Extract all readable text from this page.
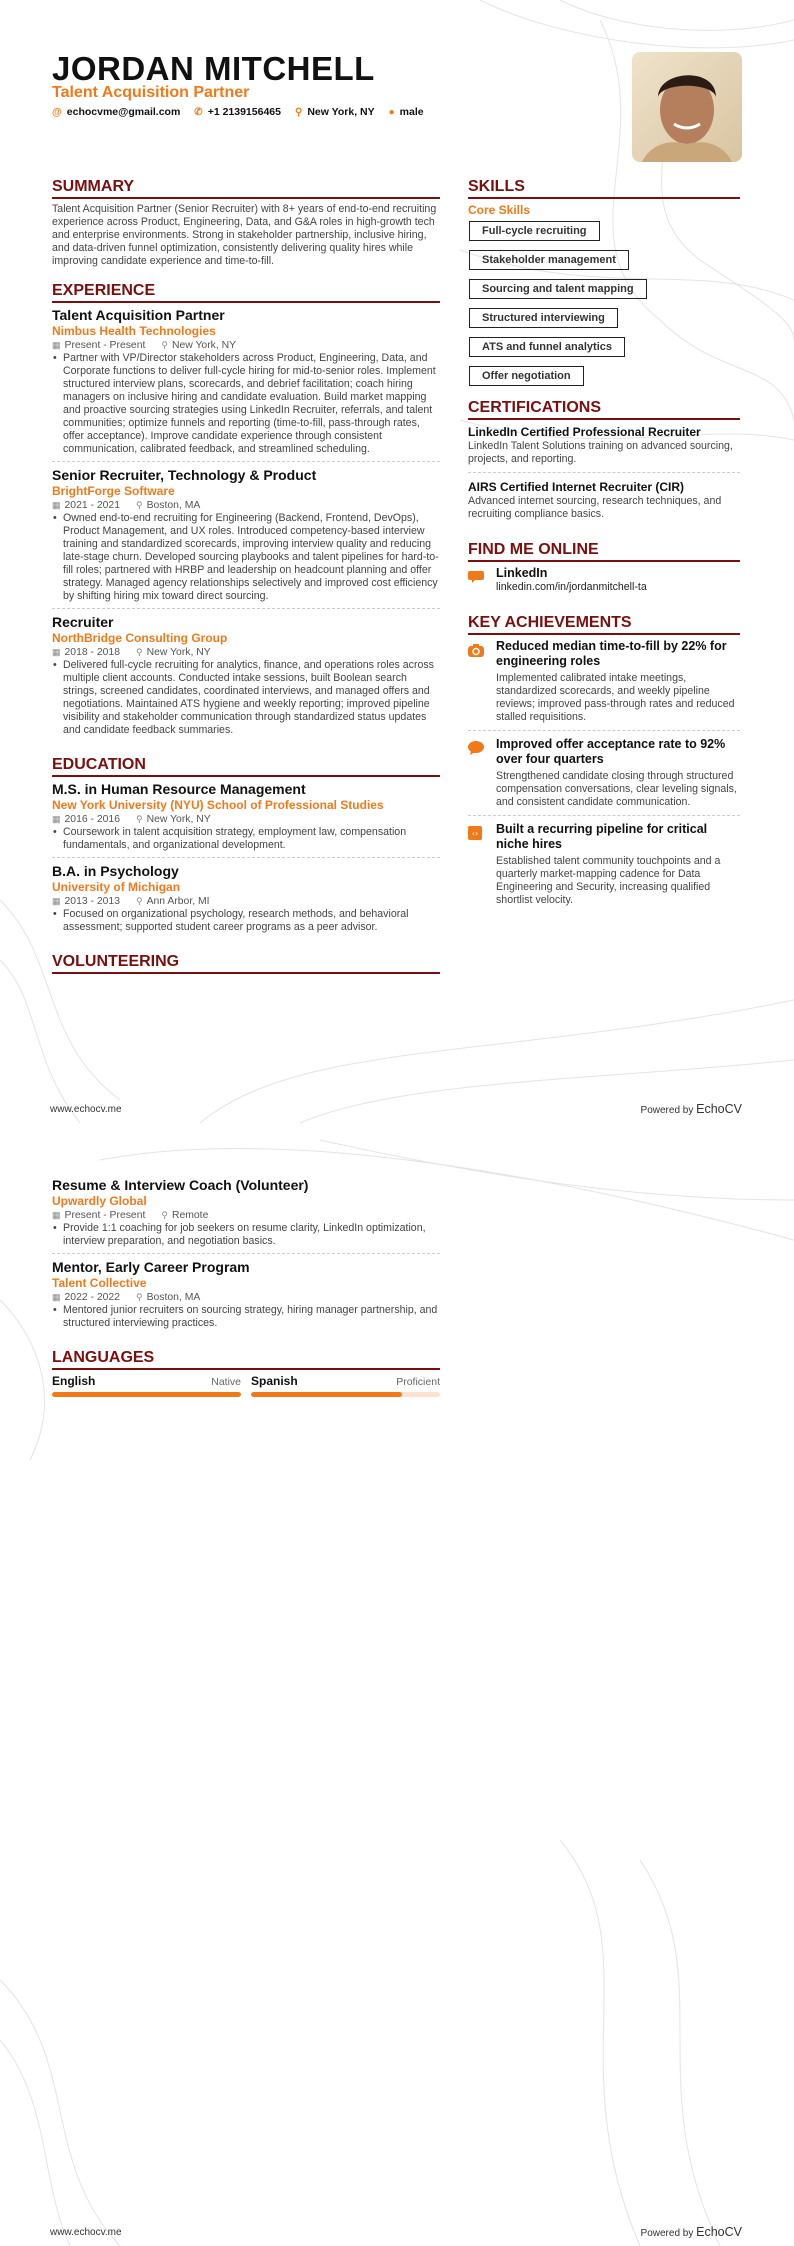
JORDAN MITCHELL
Talent Acquisition Partner
@ echocvme@gmail.com ✆ +1 2139156465 ⚲ New York, NY ● male
SUMMARY
Talent Acquisition Partner (Senior Recruiter) with 8+ years of end-to-end recruiting experience across Product, Engineering, Data, and G&A roles in high-growth tech and enterprise environments. Strong in stakeholder partnership, inclusive hiring, and data-driven funnel optimization, consistently delivering quality hires while improving candidate experience and time-to-fill.
EXPERIENCE
Talent Acquisition Partner
Nimbus Health Technologies
▦ Present - Present ⚲ New York, NY
• Partner with VP/Director stakeholders across Product, Engineering, Data, and Corporate functions to deliver full-cycle hiring for mid-to-senior roles. Implement structured interview plans, scorecards, and debrief facilitation; coach hiring managers on inclusive hiring and candidate evaluation. Build market mapping and proactive sourcing strategies using LinkedIn Recruiter, referrals, and talent communities; optimize funnels and reporting (time-to-fill, pass-through rates, offer acceptance). Improve candidate experience through consistent communication, calibrated feedback, and streamlined scheduling.
Senior Recruiter, Technology & Product
BrightForge Software
▦ 2021 - 2021 ⚲ Boston, MA
• Owned end-to-end recruiting for Engineering (Backend, Frontend, DevOps), Product Management, and UX roles. Introduced competency-based interview training and standardized scorecards, improving interview quality and reducing late-stage churn. Developed sourcing playbooks and talent pipelines for hard-to-fill roles; partnered with HRBP and leadership on headcount planning and offer strategy. Managed agency relationships selectively and improved cost efficiency by shifting hiring mix toward direct sourcing.
Recruiter
NorthBridge Consulting Group
▦ 2018 - 2018 ⚲ New York, NY
• Delivered full-cycle recruiting for analytics, finance, and operations roles across multiple client accounts. Conducted intake sessions, built Boolean search strings, screened candidates, coordinated interviews, and managed offers and negotiations. Maintained ATS hygiene and weekly reporting; improved pipeline visibility and stakeholder communication through standardized status updates and candidate feedback summaries.
EDUCATION
M.S. in Human Resource Management
New York University (NYU) School of Professional Studies
▦ 2016 - 2016 ⚲ New York, NY
• Coursework in talent acquisition strategy, employment law, compensation fundamentals, and organizational development.
B.A. in Psychology
University of Michigan
▦ 2013 - 2013 ⚲ Ann Arbor, MI
• Focused on organizational psychology, research methods, and behavioral assessment; supported student career programs as a peer advisor.
VOLUNTEERING
SKILLS
Core Skills
Full-cycle recruiting
Stakeholder management
Sourcing and talent mapping
Structured interviewing
ATS and funnel analytics
Offer negotiation
CERTIFICATIONS
LinkedIn Certified Professional Recruiter
LinkedIn Talent Solutions training on advanced sourcing, projects, and reporting.
AIRS Certified Internet Recruiter (CIR)
Advanced internet sourcing, research techniques, and recruiting compliance basics.
FIND ME ONLINE
LinkedIn
linkedin.com/in/jordanmitchell-ta
KEY ACHIEVEMENTS
Reduced median time-to-fill by 22% for engineering roles
Implemented calibrated intake meetings, standardized scorecards, and weekly pipeline reviews; improved pass-through rates and reduced stalled requisitions.
Improved offer acceptance rate to 92% over four quarters
Strengthened candidate closing through structured compensation conversations, clear leveling signals, and consistent candidate communication.
‹› Built a recurring pipeline for critical niche hires
Established talent community touchpoints and a quarterly market-mapping cadence for Data Engineering and Security, increasing qualified shortlist velocity.
www.echocv.me	Powered by EchoCV
Resume & Interview Coach (Volunteer)
Upwardly Global
▦ Present - Present ⚲ Remote
• Provide 1:1 coaching for job seekers on resume clarity, LinkedIn optimization, interview preparation, and negotiation basics.
Mentor, Early Career Program
Talent Collective
▦ 2022 - 2022 ⚲ Boston, MA
• Mentored junior recruiters on sourcing strategy, hiring manager partnership, and structured interviewing practices.
LANGUAGES
English	Native Spanish	Proficient
www.echocv.me	Powered by EchoCV
